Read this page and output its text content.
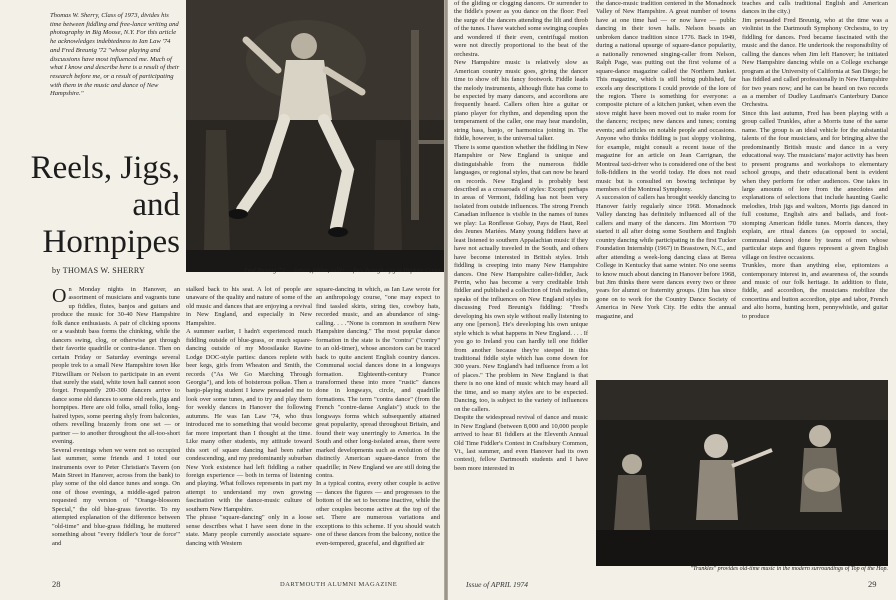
Thomas W. Sherry, Class of 1973, divides his time between fiddling and free-lance writing and photography in Big Moose, N.Y. For this article he acknowledges indebtedness to Ian Law '74 and Fred Breunig '72 "whose playing and discussions have most influenced me. Much of what I know and describe here is a result of their research before me, or a result of participating with them in the music and dance of New Hampshire."

Reels, Jigs,
and
Hornpipes

by THOMAS W. SHERRY	Fred Breunig '72 — dancer, fiddler, caller — flies through a jig at Hopkins Center.

On Monday nights in Hanover, an assortment of musicians and vagrants tune up fiddles, flutes, banjos and guitars and produce the music for 30-40 New Hampshire folk dance enthusiasts. A pair of clicking spoons or a washtub bass forms the chinking, while the dancers swing, clog, or otherwise get through their favorite quadrille or contra-dance. Then on certain Friday or Saturday evenings several people trek to a small New Hampshire town like Fitzwilliam or Nelson to participate in an event that surely the staid, white town hall cannot soon forget. Frequently 200-300 dancers arrive to dance some old dances to some old reels, jigs and hornpipes. Here are old folks, small folks, long-haired types, some peering shyly from balconies, others revelling brazenly from one set — or partner — to another throughout the all-too-short evening.
Several evenings when we were not so occupied last summer, some friends and I toted our instruments over to Peter Christian's Tavern (on Main Street in Hanover, across from the bank) to play some of the old dance tunes and songs. On one of those evenings, a middle-aged patron requested my version of "Orange-blossom Special," the old blue-grass favorite. To my attempted explanation of the difference between "old-time" and blue-grass fiddling, he muttered something about "every fiddler's 'tour de force'" and

stalked back to his seat. A lot of people are unaware of the quality and nature of some of the old music and dances that are enjoying a revival in New England, and especially in New Hampshire.
A summer earlier, I hadn't experienced much fiddling outside of blue-grass, or much square-dancing outside of my Moosilauke Ravine Lodge DOC-style parties: dances replete with beer kegs, girls from Wheaton and Smith, the records ("As We Go Marching Through Georgia"), and lots of boisterous polkas. Then a banjo-playing student I knew persuaded me to look over some tunes, and to try and play them for weekly dances in Hanover the following autumns. He was Ian Law '74, who thus introduced me to something that would become far more important than I thought at the time. Like many other students, my attitude toward this sort of square dancing had been rather condescending, and my predominantly suburban New York existence had left fiddling a rather foreign experience — both in terms of listening and playing. What follows represents in part my attempt to understand my own growing fascination with the dance-music culture of southern New Hampshire.
The phrase "square-dancing" only in a loose sense describes what I have seen done in the state. Many people currently associate square-dancing with Western

square-dancing in which, as Ian Law wrote for an anthropology course, "one may expect to find tassled skirts, string ties, cowboy hats, recorded music, and an abundance of sing-calling. . . ."None is common in southern New Hampshire dancing." The most popular dance formation in the state is the "contra" ("contry" to an old-timer), whose ancestors can be traced back to quite ancient English country dances. Communal social dances done in a longways formation. Eighteenth-century France transformed these into more "rustic" dances done in longways, circle, and quadrille formations. The term "contra dance" (from the French "contre-danse Anglais") stuck to the longways forms which subsequently attained great popularity, spread throughout Britain, and found their way unerringly to America. In the South and other long-isolated areas, there were marked developments such as evolution of the distinctly American square-dance from the quadrille; in New England we are still doing the contra.
In a typical contra, every other couple is active — dances the figures — and progresses to the bottom of the set to become inactive, while the other couples become active at the top of the set. There are numerous variations and exceptions to this scheme. If you should watch one of these dances from the balcony, notice the even-tempered, graceful, and dignified air

28	DARTMOUTH ALUMNI MAGAZINE

of the gliding or clogging dancers. Or surrender to the fiddle's power as you dance on the floor: Feel the surge of the dancers attending the lilt and throb of the tunes. I have watched some swinging couples and wondered if their even, centrifugal motion were not directly proportional to the beat of the orchestra.
New Hampshire music is relatively slow as American country music goes, giving the dancer time to show off his fancy footwork. Fiddle leads the melody instruments, although flute has come to be expected by many dancers, and accordions are frequently heard. Callers often hire a guitar or piano player for rhythm, and depending upon the temperament of the caller, one may hear mandolin, string bass, banjo, or harmonica joining in. The fiddle, however, is the universal talker.
There is some question whether the fiddling in New Hampshire or New England is unique and distinguishable from the numerous fiddle languages, or regional styles, that can now be heard on records. New England is probably best described as a crossroads of styles: Except perhaps in areas of Vermont, fiddling has not been very isolated from outside influences. The strong French Canadian influence is visible in the names of tunes we play: La Ronflesse Gobay, Pays de Haut, Reel des Jeunes Mariées. Many young fiddlers have at least listened to southern Appalachian music if they have not actually traveled in the South, and others have become interested in British styles. Irish fiddling is creeping into many New Hampshire dances. One New Hampshire caller-fiddler, Jack Perrin, who has become a very creditable Irish fiddler and published a collection of Irish melodies, speaks of the influences on New England styles in discussing Fred Breunig's fiddling: "Fred's developing his own style without really listening to any one [person]. He's developing his own unique style which is what happens in New England. . . . If you go to Ireland you can hardly tell one fiddler from another because they're steeped in this traditional fiddle style which has come down for 300 years. New England's had influence from a lot of places." The problem in New England is that there is no one kind of music which may heard all the time, and so many styles are to be expected. Dancing, too, is subject to the variety of influences on the callers.
Despite the widespread revival of dance and music in New England (between 8,000 and 10,000 people arrived to hear 81 fiddlers at the Eleventh Annual Old Time Fiddler's Contest in Craftsbury Common, Vt., last summer, and even Hanover had its own contest), fellow Dartmouth students and I have been more interested in

the dance-music tradition centered in the Monadnock Valley of New Hampshire. A great number of towns have at one time had — or now have — public dancing in their town halls. Nelson boasts an unbroken dance tradition since 1776. Back in 1949, during a national upsurge of square-dance popularity, a nationally renowned singing-caller from Nelson, Ralph Page, was putting out the first volume of a square-dance magazine called the Northern Junket. This magazine, which is still being published, far excels any descriptions I could provide of the lore of the region. There is something for everyone: a composite picture of a kitchen junket, when even the stove might have been moved out to make room for the dancers; recipes; new dances and tunes; coming events; and articles on notable people and occasions. Anyone who thinks fiddling is just sloppy violining, for example, might consult a recent issue of the magazine for an article on Jean Carrignan, the Montreal taxi-driver who is considered one of the best folk-fiddlers in the world today. He does not read music but is consulted on bowing technique by members of the Montreal Symphony.
A succession of callers has brought weekly dancing to Hanover fairly regularly since 1968. Monadnock Valley dancing has definitely influenced all of the callers and many of the dancers. Jim Morrison '70 started it all after doing some Southern and English country dancing while participating in the first Tucker Foundation Internship (1967) in Brasstown, N.C., and after attending a week-long dancing class at Berea College in Kentucky that same winter. No one seems to know much about dancing in Hanover before 1968, but Jim thinks there were dances every two or three years for alumni or fraternity groups. (Jim has since gone on to work for the Country Dance Society of America in New York City. He edits the annual magazine, and

teaches and calls traditional English and American dances in the city.)
Jim persuaded Fred Breunig, who at the time was a violinist in the Dartmouth Symphony Orchestra, to try fiddling for dances. Fred became fascinated with the music and the dance. He undertook the responsibility of calling the dances when Jim left Hanover; he initiated New Hampshire dancing while on a College exchange program at the University of California at San Diego; he has fiddled and called professionally in New Hampshire for two years now; and he can be heard on two records as a member of Dudley Laufman's Canterbury Dance Orchestra.
Since this last autumn, Fred has been playing with a group called Trunkles, after a Morris tune of the same name. The group is an ideal vehicle for the substantial talents of the four musicians, and for bringing alive the predominantly British music and dance in a very educational way. The musicians' major activity has been to present programs and workshops to elementary school groups, and their educational bent is evident when they perform for other audiences. One takes in large amounts of lore from the anecdotes and explanations of selections that include haunting Gaelic melodies, Irish jigs and waltzes, Morris jigs danced in full costume, English airs and ballads, and foot-stomping American fiddle tunes. Morris dances, they explain, are ritual dances (as opposed to social, communal dances) done by teams of men whose particular steps and figures represent a given English village on festive occasions.
Trunkles, more than anything else, epitomizes a contemporary interest in, and awareness of, the sounds and music of our folk heritage. In addition to flute, fiddle, and accordion, the musicians mobilize the concertina and button accordion, pipe and tabor, French and alto horns, hunting horn, pennywhistle, and guitar to produce

"Trunkles" provides old-time music in the modern surroundings of Top of the Hop.

Issue of APRIL 1974	29
